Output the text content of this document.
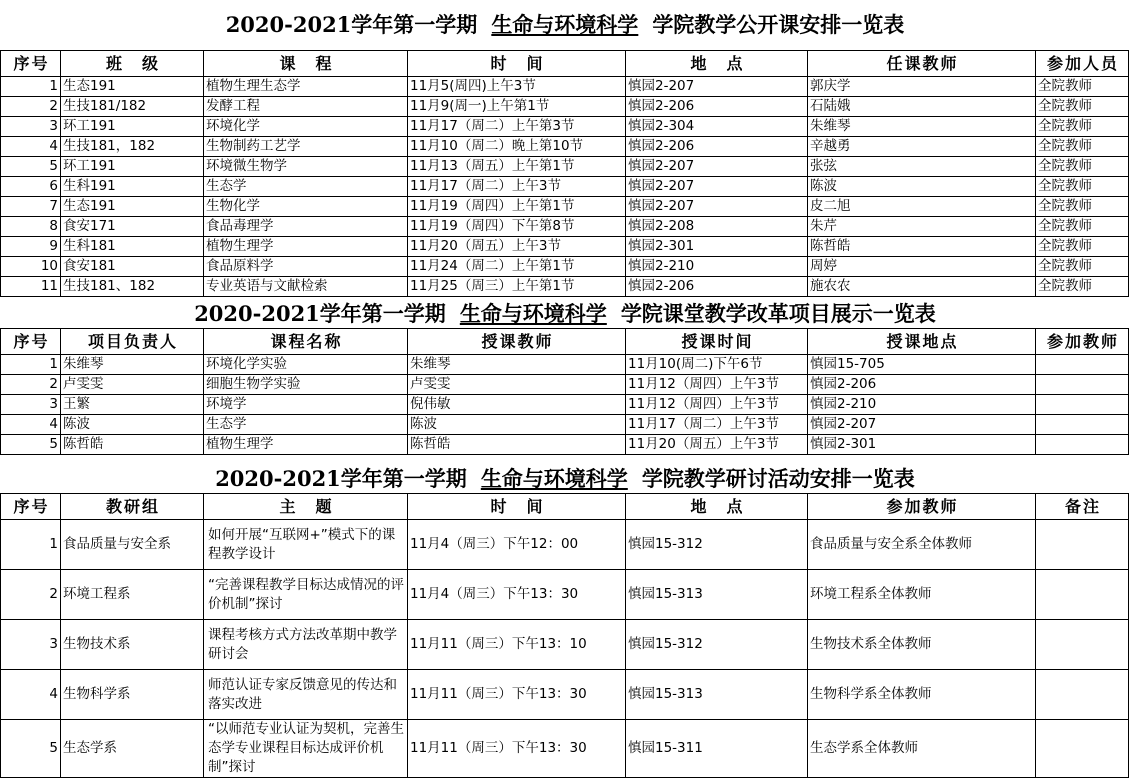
2020-2021学年第一学期 生命与环境科学 学院教学公开课安排一览表
序号	班　级	课　程	时　间	地　点	任课教师	参加人员
1	生态191	植物生理生态学	11月5(周四)上午3节	慎园2-207	郭庆学	全院教师
2	生技181/182	发酵工程	11月9(周一)上午第1节	慎园2-206	石陆娥	全院教师
3	环工191	环境化学	11月17（周二）上午第3节	慎园2-304	朱维琴	全院教师
4	生技181，182	生物制药工艺学	11月10（周二）晚上第10节	慎园2-206	辛越勇	全院教师
5	环工191	环境微生物学	11月13（周五）上午第1节	慎园2-207	张弦	全院教师
6	生科191	生态学	11月17（周二）上午3节	慎园2-207	陈波	全院教师
7	生态191	生物化学	11月19（周四）上午第1节	慎园2-207	皮二旭	全院教师
8	食安171	食品毒理学	11月19（周四）下午第8节	慎园2-208	朱芹	全院教师
9	生科181	植物生理学	11月20（周五）上午3节	慎园2-301	陈哲皓	全院教师
10	食安181	食品原料学	11月24（周二）上午第1节	慎园2-210	周婷	全院教师
11	生技181、182	专业英语与文献检索	11月25（周三）上午第1节	慎园2-206	施农农	全院教师
2020-2021学年第一学期 生命与环境科学 学院课堂教学改革项目展示一览表
序号	项目负责人	课程名称	授课教师	授课时间	授课地点	参加教师
1	朱维琴	环境化学实验	朱维琴	11月10(周二)下午6节	慎园15-705	
2	卢雯雯	细胞生物学实验	卢雯雯	11月12（周四）上午3节	慎园2-206	
3	王繁	环境学	倪伟敏	11月12（周四）上午3节	慎园2-210	
4	陈波	生态学	陈波	11月17（周二）上午3节	慎园2-207	
5	陈哲皓	植物生理学	陈哲皓	11月20（周五）上午3节	慎园2-301	
2020-2021学年第一学期 生命与环境科学 学院教学研讨活动安排一览表
序号	教研组	主　题	时　间	地　点	参加教师	备注
1	食品质量与安全系	如何开展“互联网+”模式下的课程教学设计	11月4（周三）下午12：00	慎园15-312	食品质量与安全系全体教师	
2	环境工程系	“完善课程教学目标达成情况的评价机制”探讨	11月4（周三）下午13：30	慎园15-313	环境工程系全体教师	
3	生物技术系	课程考核方式方法改革期中教学研讨会	11月11（周三）下午13：10	慎园15-312	生物技术系全体教师	
4	生物科学系	师范认证专家反馈意见的传达和落实改进	11月11（周三）下午13：30	慎园15-313	生物科学系全体教师	
5	生态学系	“以师范专业认证为契机，完善生态学专业课程目标达成评价机制”探讨	11月11（周三）下午13：30	慎园15-311	生态学系全体教师	
